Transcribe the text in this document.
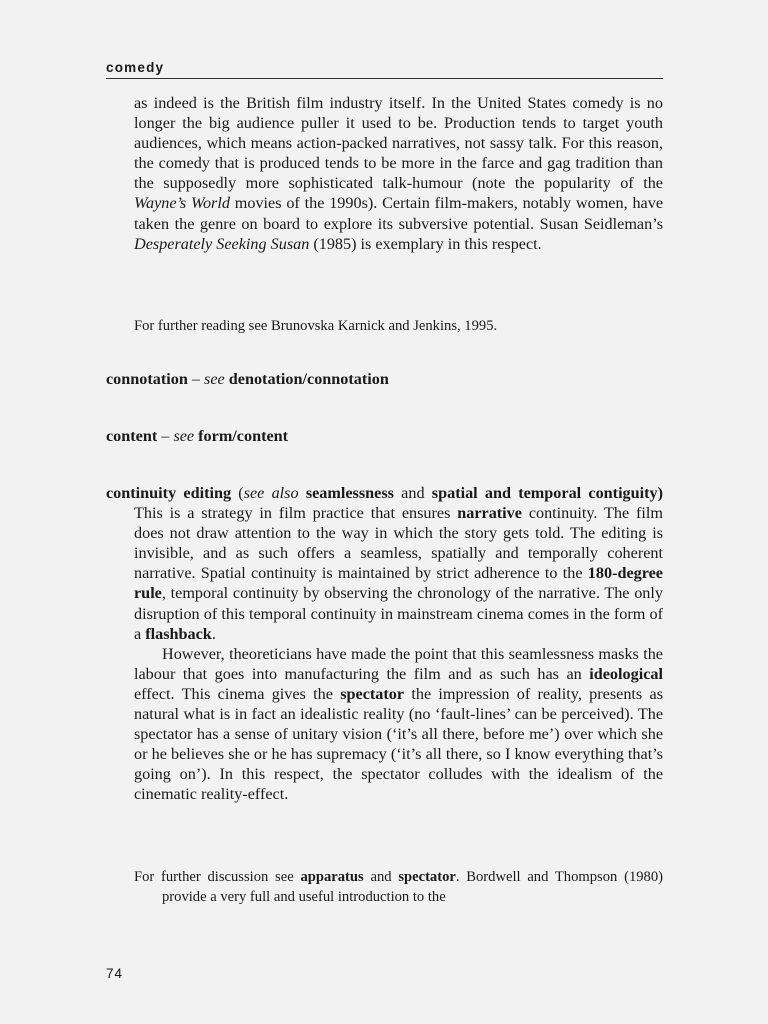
comedy
as indeed is the British film industry itself. In the United States comedy is no longer the big audience puller it used to be. Production tends to target youth audiences, which means action-packed narratives, not sassy talk. For this reason, the comedy that is produced tends to be more in the farce and gag tradition than the supposedly more sophisticated talk-humour (note the popularity of the Wayne’s World movies of the 1990s). Certain film-makers, notably women, have taken the genre on board to explore its subversive potential. Susan Seidleman’s Desperately Seeking Susan (1985) is exemplary in this respect.
For further reading see Brunovska Karnick and Jenkins, 1995.
connotation – see denotation/connotation
content – see form/content

continuity editing (see also seamlessness and spatial and temporal contiguity) This is a strategy in film practice that ensures narrative continuity. The film does not draw attention to the way in which the story gets told. The editing is invisible, and as such offers a seamless, spatially and temporally coherent narrative. Spatial continuity is maintained by strict adherence to the 180-degree rule, temporal continuity by observing the chronology of the narrative. The only disruption of this temporal continuity in mainstream cinema comes in the form of a flashback.

However, theoreticians have made the point that this seamlessness masks the labour that goes into manufacturing the film and as such has an ideological effect. This cinema gives the spectator the impression of reality, presents as natural what is in fact an idealistic reality (no ‘fault-lines’ can be perceived). The spectator has a sense of unitary vision (‘it’s all there, before me’) over which she or he believes she or he has supremacy (‘it’s all there, so I know everything that’s going on’). In this respect, the spectator colludes with the idealism of the cinematic reality-effect.

For further discussion see apparatus and spectator. Bordwell and Thompson (1980) provide a very full and useful introduction to the
74
